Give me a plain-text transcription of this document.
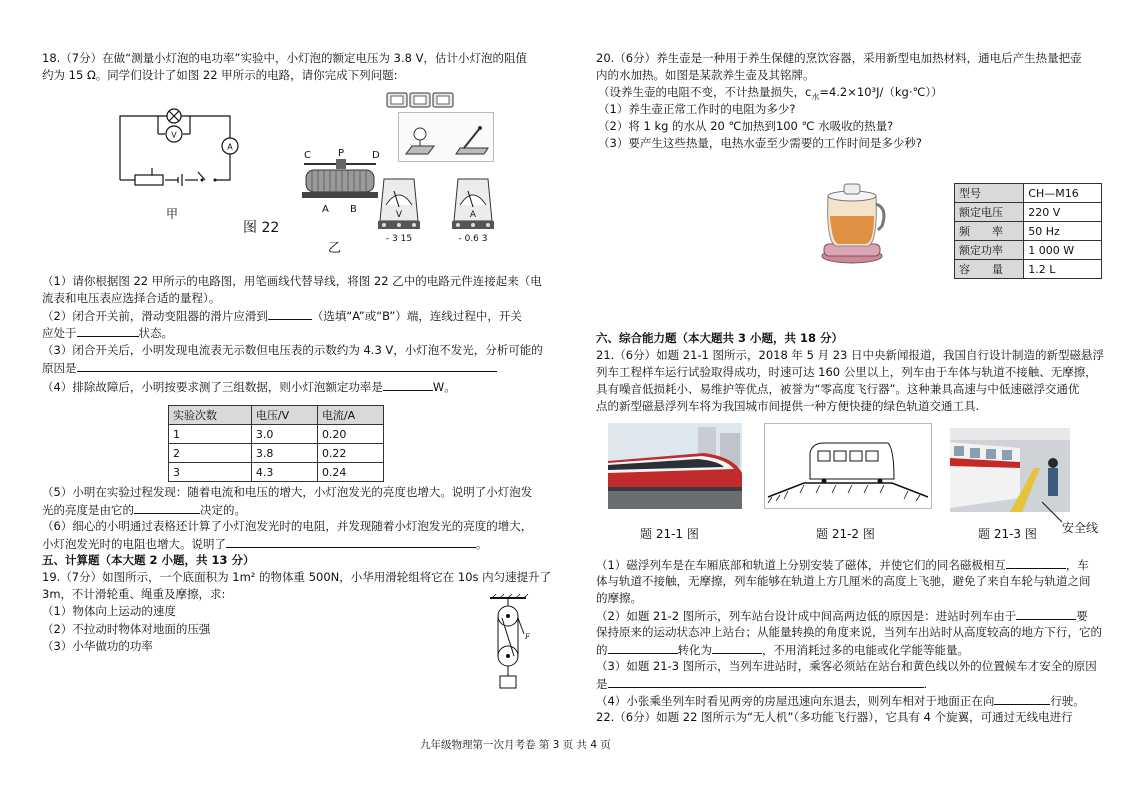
18.（7分）在做“测量小灯泡的电功率”实验中，小灯泡的额定电压为 3.8 V，估计小灯泡的阻值
约为 15 Ω。同学们设计了如图 22 甲所示的电路，请你完成下列问题:
V
A
甲
图 22
乙
C	P	D
A B	V
- 3 15
A
- 0.6 3
（1）请你根据图 22 甲所示的电路图，用笔画线代替导线，将图 22 乙中的电路元件连接起来（电
流表和电压表应选择合适的量程）。
（2）闭合开关前，滑动变阻器的滑片应滑到	（选填“A”或“B”）端，连线过程中，开关
应处于	状态。
（3）闭合开关后，小明发现电流表无示数但电压表的示数约为 4.3 V，小灯泡不发光，分析可能的
原因是
（4）排除故障后，小明按要求测了三组数据，则小灯泡额定功率是	W。
实验次数	电压/V	电流/A
1	3.0	0.20
2	3.8	0.22
3	4.3	0.24
（5）小明在实验过程发现：随着电流和电压的增大，小灯泡发光的亮度也增大。说明了小灯泡发
光的亮度是由它的	决定的。
（6）细心的小明通过表格还计算了小灯泡发光时的电阻，并发现随着小灯泡发光的亮度的增大，
小灯泡发光时的电阻也增大。说明了	。
五、计算题（本大题 2 小题，共 13 分）
19.（7分）如图所示，一个底面积为 1m² 的物体重 500N，小华用滑轮组将它在 10s 内匀速提升了
3m，不计滑轮重、绳重及摩擦，求:
（1）物体向上运动的速度
（2）不拉动时物体对地面的压强
（3）小华做功的功率
F
20.（6分）养生壶是一种用于养生保健的烹饮容器，采用新型电加热材料，通电后产生热量把壶
内的水加热。如图是某款养生壶及其铭牌。
（设养生壶的电阻不变，不计热量损失，$c_水=4.2\times 10^3J/(kg\cdot℃)$）
（1）养生壶正常工作时的电阻为多少?
（2）将 1 kg 的水从 20 ℃加热到100 ℃ 水吸收的热量?
（3）要产生这些热量，电热水壶至少需要的工作时间是多少秒?
型号	CH—M16
额定电压	220 V
频　　率	50 Hz
额定功率	1 000 W
容　　量	1.2 L
六、综合能力题（本大题共 3 小题，共 18 分）
21.（6分）如题 21-1 图所示，2018 年 5 月 23 日中央新闻报道，我国自行设计制造的新型磁悬浮
列车工程样车运行试验取得成功，时速可达 160 公里以上，列车由于车体与轨道不接触、无摩擦，
具有噪音低损耗小、易维护等优点，被誉为“零高度飞行器”。这种兼具高速与中低速磁浮交通优
点的新型磁悬浮列车将为我国城市间提供一种方便快捷的绿色轨道交通工具.
安全线
题 21-1 图	题 21-2 图	题 21-3 图
（1）磁浮列车是在车厢底部和轨道上分别安装了磁体，并使它们的同名磁极相互	，车
体与轨道不接触，无摩擦，列车能够在轨道上方几厘米的高度上飞驰，避免了来自车轮与轨道之间
的摩擦。
（2）如题 21-2 图所示，列车站台设计成中间高两边低的原因是：进站时列车由于	要
保持原来的运动状态冲上站台；从能量转换的角度来说，当列车出站时从高度较高的地方下行，它的
的	转化为	，不用消耗过多的电能或化学能等能量。
（3）如题 21-3 图所示，当列车进站时，乘客必须站在站台和黄色线以外的位置候车才安全的原因
是	.
（4）小张乘坐列车时看见两旁的房屋迅速向东退去，则列车相对于地面正在向	行驶。
22.（6分）如题 22 图所示为“无人机”（多功能飞行器），它具有 4 个旋翼，可通过无线电进行
九年级物理第一次月考卷 第 3 页 共 4 页
